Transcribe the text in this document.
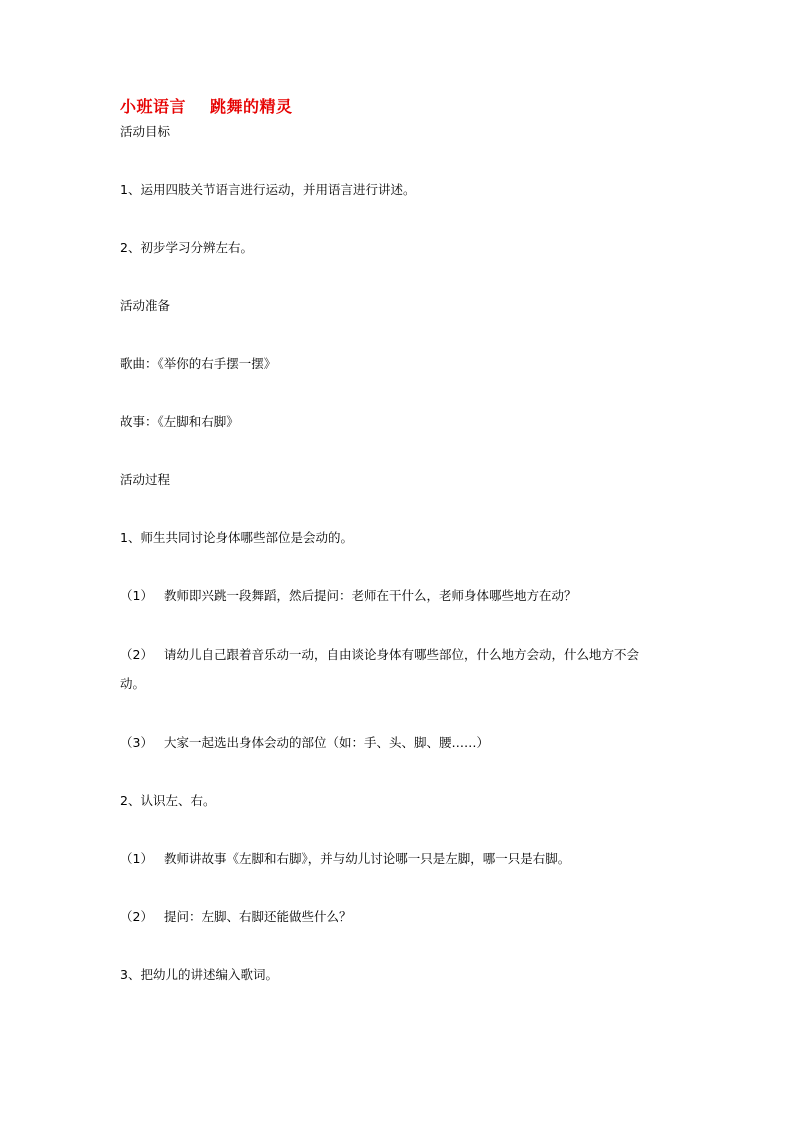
小班语言 跳舞的精灵
活动目标
1、运用四肢关节语言进行运动，并用语言进行讲述。
2、初步学习分辨左右。
活动准备
歌曲：《举你的右手摆一摆》
故事：《左脚和右脚》
活动过程
1、师生共同讨论身体哪些部位是会动的。
（1） 教师即兴跳一段舞蹈，然后提问：老师在干什么，老师身体哪些地方在动？
（2） 请幼儿自己跟着音乐动一动，自由谈论身体有哪些部位，什么地方会动，什么地方不会
动。
（3） 大家一起选出身体会动的部位（如：手、头、脚、腰……）
2、认识左、右。
（1） 教师讲故事《左脚和右脚》，并与幼儿讨论哪一只是左脚，哪一只是右脚。
（2） 提问：左脚、右脚还能做些什么？
3、把幼儿的讲述编入歌词。
